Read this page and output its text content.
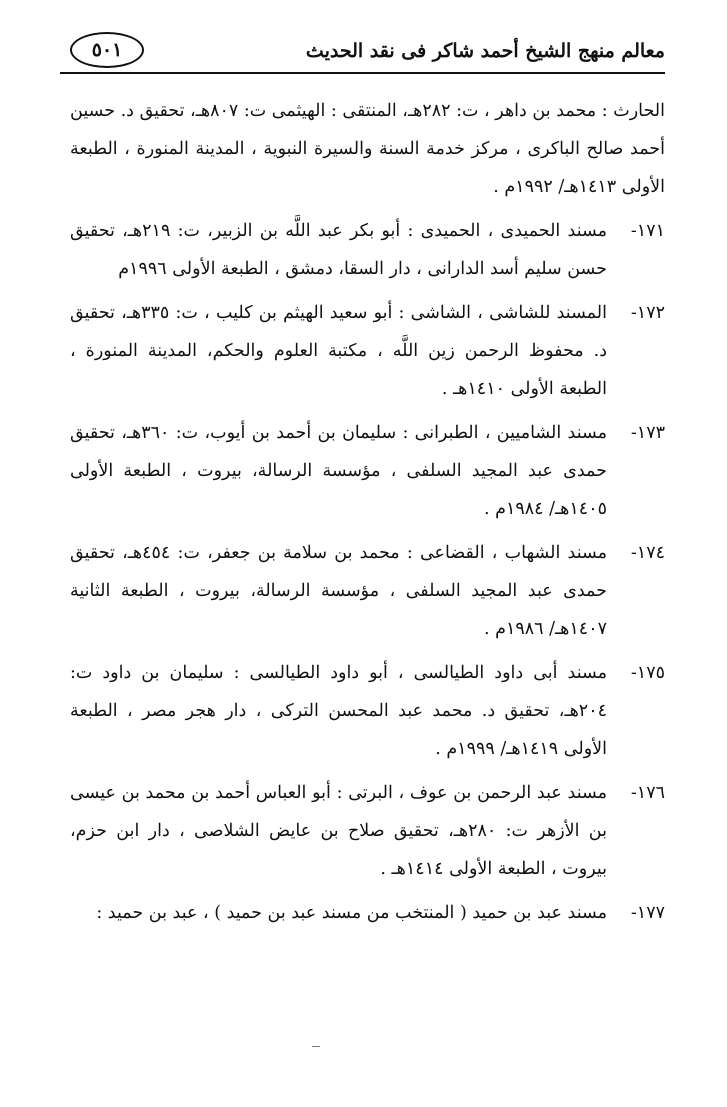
معالم منهج الشيخ أحمد شاكر فى نقد الحديث
٥٠١
الحارث : محمد بن داهر ، ت: ٢٨٢هـ، المنتقى : الهيثمى ت: ٨٠٧هـ، تحقيق د. حسين أحمد صالح الباكرى ، مركز خدمة السنة والسيرة النبوية ، المدينة المنورة ، الطبعة الأولى ١٤١٣هـ/ ١٩٩٢م .
١٧١-
مسند الحميدى ، الحميدى : أبو بكر عبد اللَّه بن الزبير، ت: ٢١٩هـ، تحقيق حسن سليم أسد الدارانى ، دار السقا، دمشق ، الطبعة الأولى ١٩٩٦م
١٧٢-
المسند للشاشى ، الشاشى : أبو سعيد الهيثم بن كليب ، ت: ٣٣٥هـ، تحقيق د. محفوظ الرحمن زين اللَّه ، مكتبة العلوم والحكم، المدينة المنورة ، الطبعة الأولى ١٤١٠هـ .
١٧٣-
مسند الشاميين ، الطبرانى : سليمان بن أحمد بن أيوب، ت: ٣٦٠هـ، تحقيق حمدى عبد المجيد السلفى ، مؤسسة الرسالة، بيروت ، الطبعة الأولى ١٤٠٥هـ/ ١٩٨٤م .
١٧٤-
مسند الشهاب ، القضاعى : محمد بن سلامة بن جعفر، ت: ٤٥٤هـ، تحقيق حمدى عبد المجيد السلفى ، مؤسسة الرسالة، بيروت ، الطبعة الثانية ١٤٠٧هـ/ ١٩٨٦م .
١٧٥-
مسند أبى داود الطيالسى ، أبو داود الطيالسى : سليمان بن داود ت: ٢٠٤هـ، تحقيق د. محمد عبد المحسن التركى ، دار هجر مصر ، الطبعة الأولى ١٤١٩هـ/ ١٩٩٩م .
١٧٦-
مسند عبد الرحمن بن عوف ، البرتى : أبو العباس أحمد بن محمد بن عيسى بن الأزهر ت: ٢٨٠هـ، تحقيق صلاح بن عايض الشلاصى ، دار ابن حزم، بيروت ، الطبعة الأولى ١٤١٤هـ .
١٧٧-
مسند عبد بن حميد ( المنتخب من مسند عبد بن حميد ) ، عبد بن حميد :
